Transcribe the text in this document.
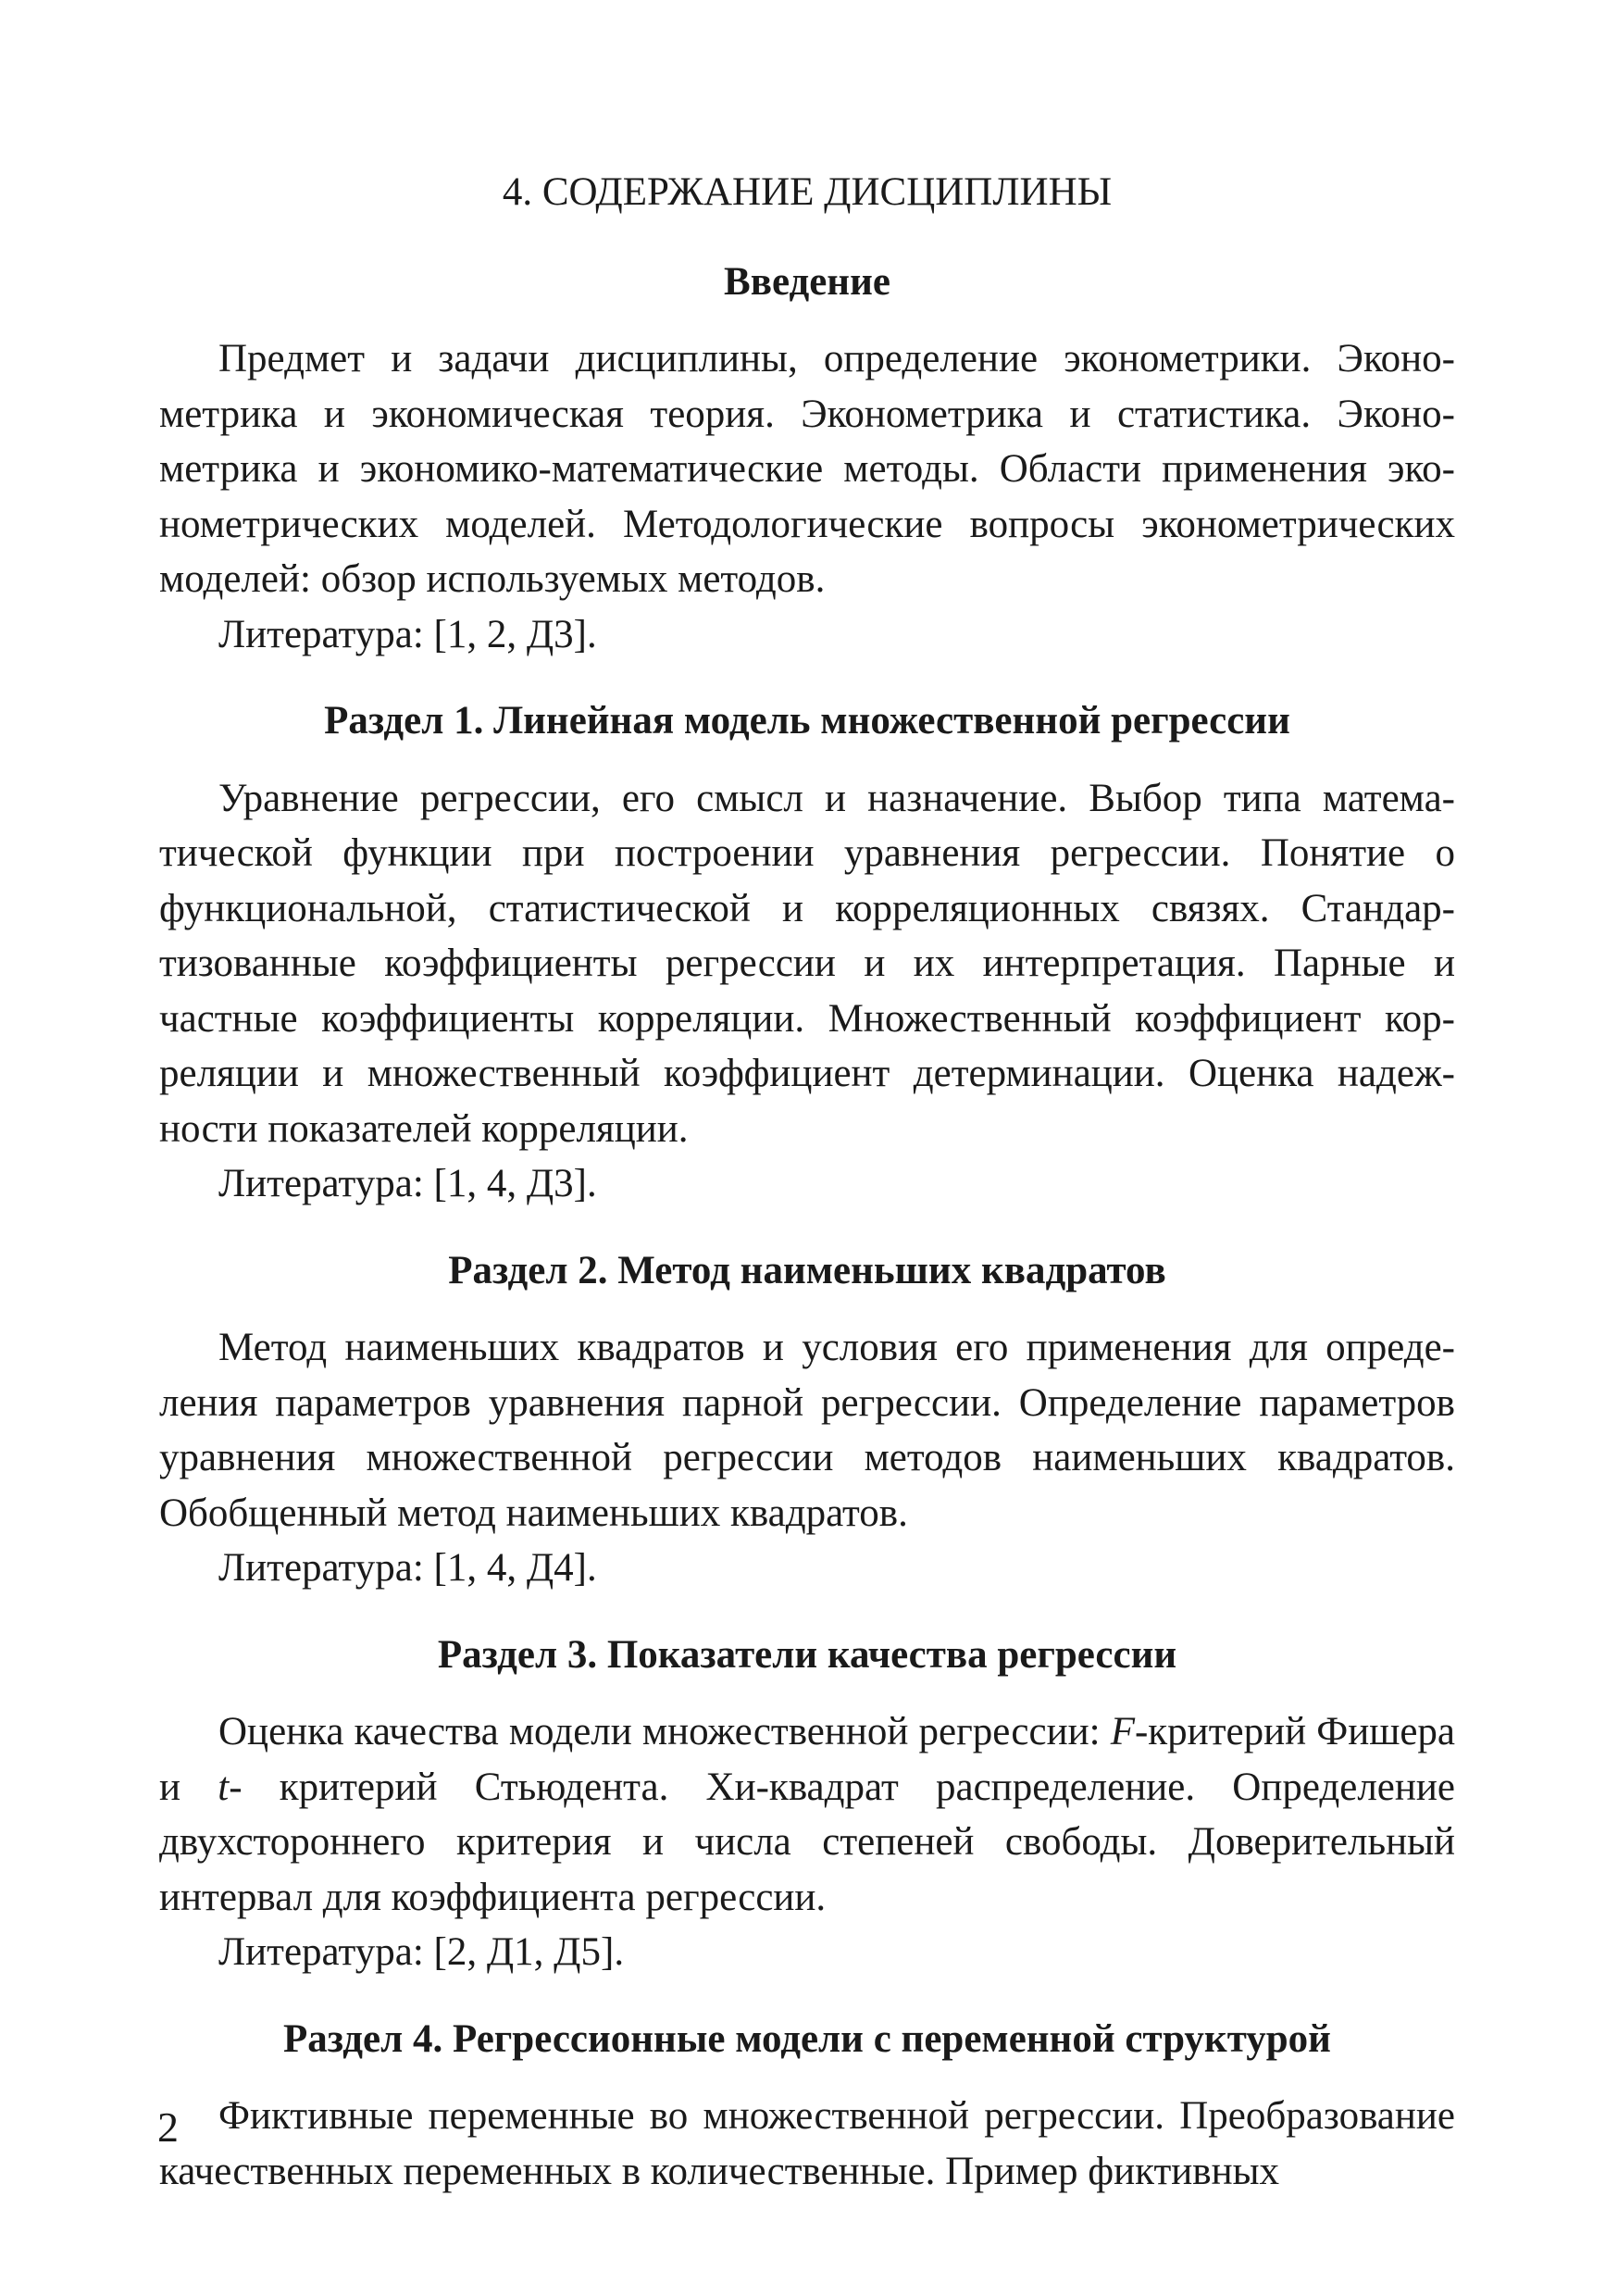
4. СОДЕРЖАНИЕ ДИСЦИПЛИНЫ
Введение

Предмет и задачи дисциплины, определение эконометрики. Эконометрика и экономическая теория. Эконометрика и статистика. Эконометрика и экономико-математические методы. Области применения эконометрических моделей. Методологические вопросы эконометрических моделей: обзор используемых методов.

Литература: [1, 2, Д3].

Раздел 1. Линейная модель множественной регрессии

Уравнение регрессии, его смысл и назначение. Выбор типа математической функции при построении уравнения регрессии. Понятие о функциональной, статистической и корреляционных связях. Стандартизованные коэффициенты регрессии и их интерпретация. Парные и частные коэффициенты корреляции. Множественный коэффициент корреляции и множественный коэффициент детерминации. Оценка надежности показателей корреляции.

Литература: [1, 4, Д3].

Раздел 2. Метод наименьших квадратов

Метод наименьших квадратов и условия его применения для определения параметров уравнения парной регрессии. Определение параметров уравнения множественной регрессии методов наименьших квадратов. Обобщенный метод наименьших квадратов.

Литература: [1, 4, Д4].

Раздел 3. Показатели качества регрессии

Оценка качества модели множественной регрессии: F-критерий Фишера и t- критерий Стьюдента. Хи-квадрат распределение. Определение двухстороннего критерия и числа степеней свободы. Доверительный интервал для коэффициента регрессии.

Литература: [2, Д1, Д5].

Раздел 4. Регрессионные модели с переменной структурой

Фиктивные переменные во множественной регрессии. Преобразование качественных переменных в количественные. Пример фиктивных

2
